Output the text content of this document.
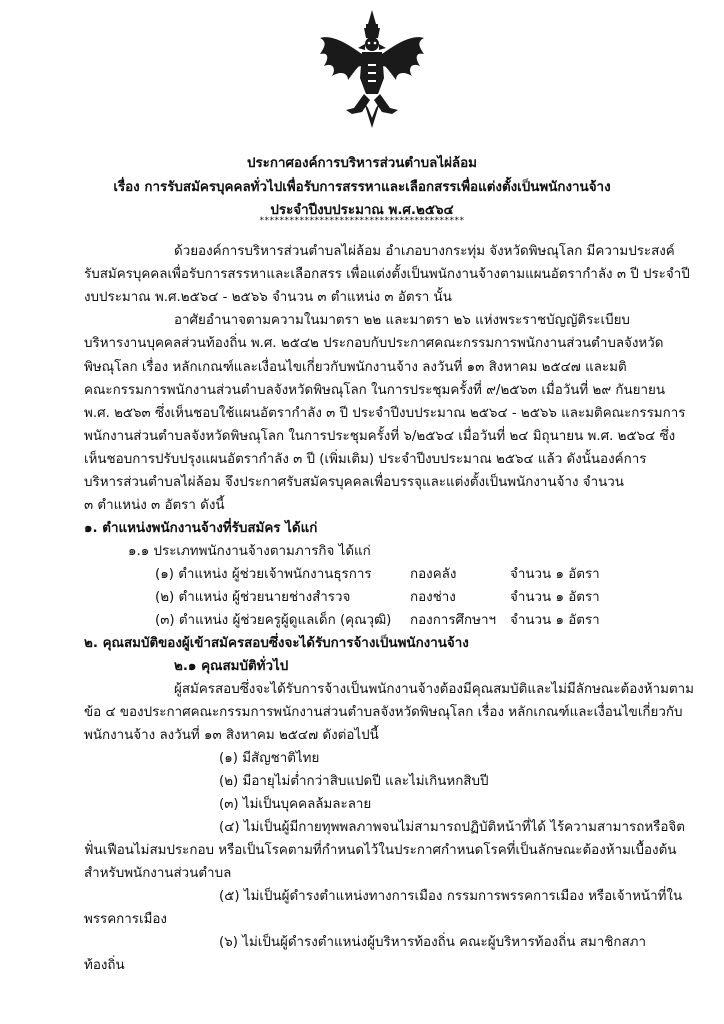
ประกาศองค์การบริหารส่วนตำบลไผ่ล้อม
เรื่อง การรับสมัครบุคคลทั่วไปเพื่อรับการสรรหาและเลือกสรรเพื่อแต่งตั้งเป็นพนักงานจ้าง
ประจำปีงบประมาณ พ.ศ.๒๕๖๔
*****************************************
ด้วยองค์การบริหารส่วนตำบลไผ่ล้อม อำเภอบางกระทุ่ม จังหวัดพิษณุโลก มีความประสงค์
รับสมัครบุคคลเพื่อรับการสรรหาและเลือกสรร เพื่อแต่งตั้งเป็นพนักงานจ้างตามแผนอัตรากำลัง ๓ ปี ประจำปี
งบประมาณ พ.ศ.๒๕๖๔ - ๒๕๖๖ จำนวน ๓ ตำแหน่ง ๓ อัตรา นั้น
อาศัยอำนาจตามความในมาตรา ๒๒ และมาตรา ๒๖ แห่งพระราชบัญญัติระเบียบ
บริหารงานบุคคลส่วนท้องถิ่น พ.ศ. ๒๕๔๒ ประกอบกับประกาศคณะกรรมการพนักงานส่วนตำบลจังหวัด
พิษณุโลก เรื่อง หลักเกณฑ์และเงื่อนไขเกี่ยวกับพนักงานจ้าง ลงวันที่ ๑๓ สิงหาคม ๒๕๔๗ และมติ
คณะกรรมการพนักงานส่วนตำบลจังหวัดพิษณุโลก ในการประชุมครั้งที่ ๙/๒๕๖๓ เมื่อวันที่ ๒๙ กันยายน
พ.ศ. ๒๕๖๓ ซึ่งเห็นชอบใช้แผนอัตรากำลัง ๓ ปี ประจำปีงบประมาณ ๒๕๖๔ - ๒๕๖๖ และมติคณะกรรมการ
พนักงานส่วนตำบลจังหวัดพิษณุโลก ในการประชุมครั้งที่ ๖/๒๕๖๔ เมื่อวันที่ ๒๔ มิถุนายน พ.ศ. ๒๕๖๔ ซึ่ง
เห็นชอบการปรับปรุงแผนอัตรากำลัง ๓ ปี (เพิ่มเติม) ประจำปีงบประมาณ ๒๕๖๔ แล้ว ดังนั้นองค์การ
บริหารส่วนตำบลไผ่ล้อม จึงประกาศรับสมัครบุคคลเพื่อบรรจุและแต่งตั้งเป็นพนักงานจ้าง จำนวน
๓ ตำแหน่ง ๓ อัตรา ดังนี้
๑. ตำแหน่งพนักงานจ้างที่รับสมัคร ได้แก่
๑.๑ ประเภทพนักงานจ้างตามภารกิจ ได้แก่
(๑) ตำแหน่ง ผู้ช่วยเจ้าพนักงานธุรการ	กองคลัง	จำนวน ๑ อัตรา
(๒) ตำแหน่ง ผู้ช่วยนายช่างสำรวจ	กองช่าง	จำนวน ๑ อัตรา
(๓) ตำแหน่ง ผู้ช่วยครูผู้ดูแลเด็ก (คุณวุฒิ) กองการศึกษาฯ จำนวน ๑ อัตรา
๒. คุณสมบัติของผู้เข้าสมัครสอบซึ่งจะได้รับการจ้างเป็นพนักงานจ้าง
๒.๑ คุณสมบัติทั่วไป
ผู้สมัครสอบซึ่งจะได้รับการจ้างเป็นพนักงานจ้างต้องมีคุณสมบัติและไม่มีลักษณะต้องห้ามตาม
ข้อ ๔ ของประกาศคณะกรรมการพนักงานส่วนตำบลจังหวัดพิษณุโลก เรื่อง หลักเกณฑ์และเงื่อนไขเกี่ยวกับ
พนักงานจ้าง ลงวันที่ ๑๓ สิงหาคม ๒๕๔๗ ดังต่อไปนี้
(๑) มีสัญชาติไทย
(๒) มีอายุไม่ต่ำกว่าสิบแปดปี และไม่เกินหกสิบปี
(๓) ไม่เป็นบุคคลล้มละลาย
(๔) ไม่เป็นผู้มีกายทุพพลภาพจนไม่สามารถปฏิบัติหน้าที่ได้ ไร้ความสามารถหรือจิต
ฟั่นเฟือนไม่สมประกอบ หรือเป็นโรคตามที่กำหนดไว้ในประกาศกำหนดโรคที่เป็นลักษณะต้องห้ามเบื้องต้น
สำหรับพนักงานส่วนตำบล
(๕) ไม่เป็นผู้ดำรงตำแหน่งทางการเมือง กรรมการพรรคการเมือง หรือเจ้าหน้าที่ใน
พรรคการเมือง
(๖) ไม่เป็นผู้ดำรงตำแหน่งผู้บริหารท้องถิ่น คณะผู้บริหารท้องถิ่น สมาชิกสภา
ท้องถิ่น
